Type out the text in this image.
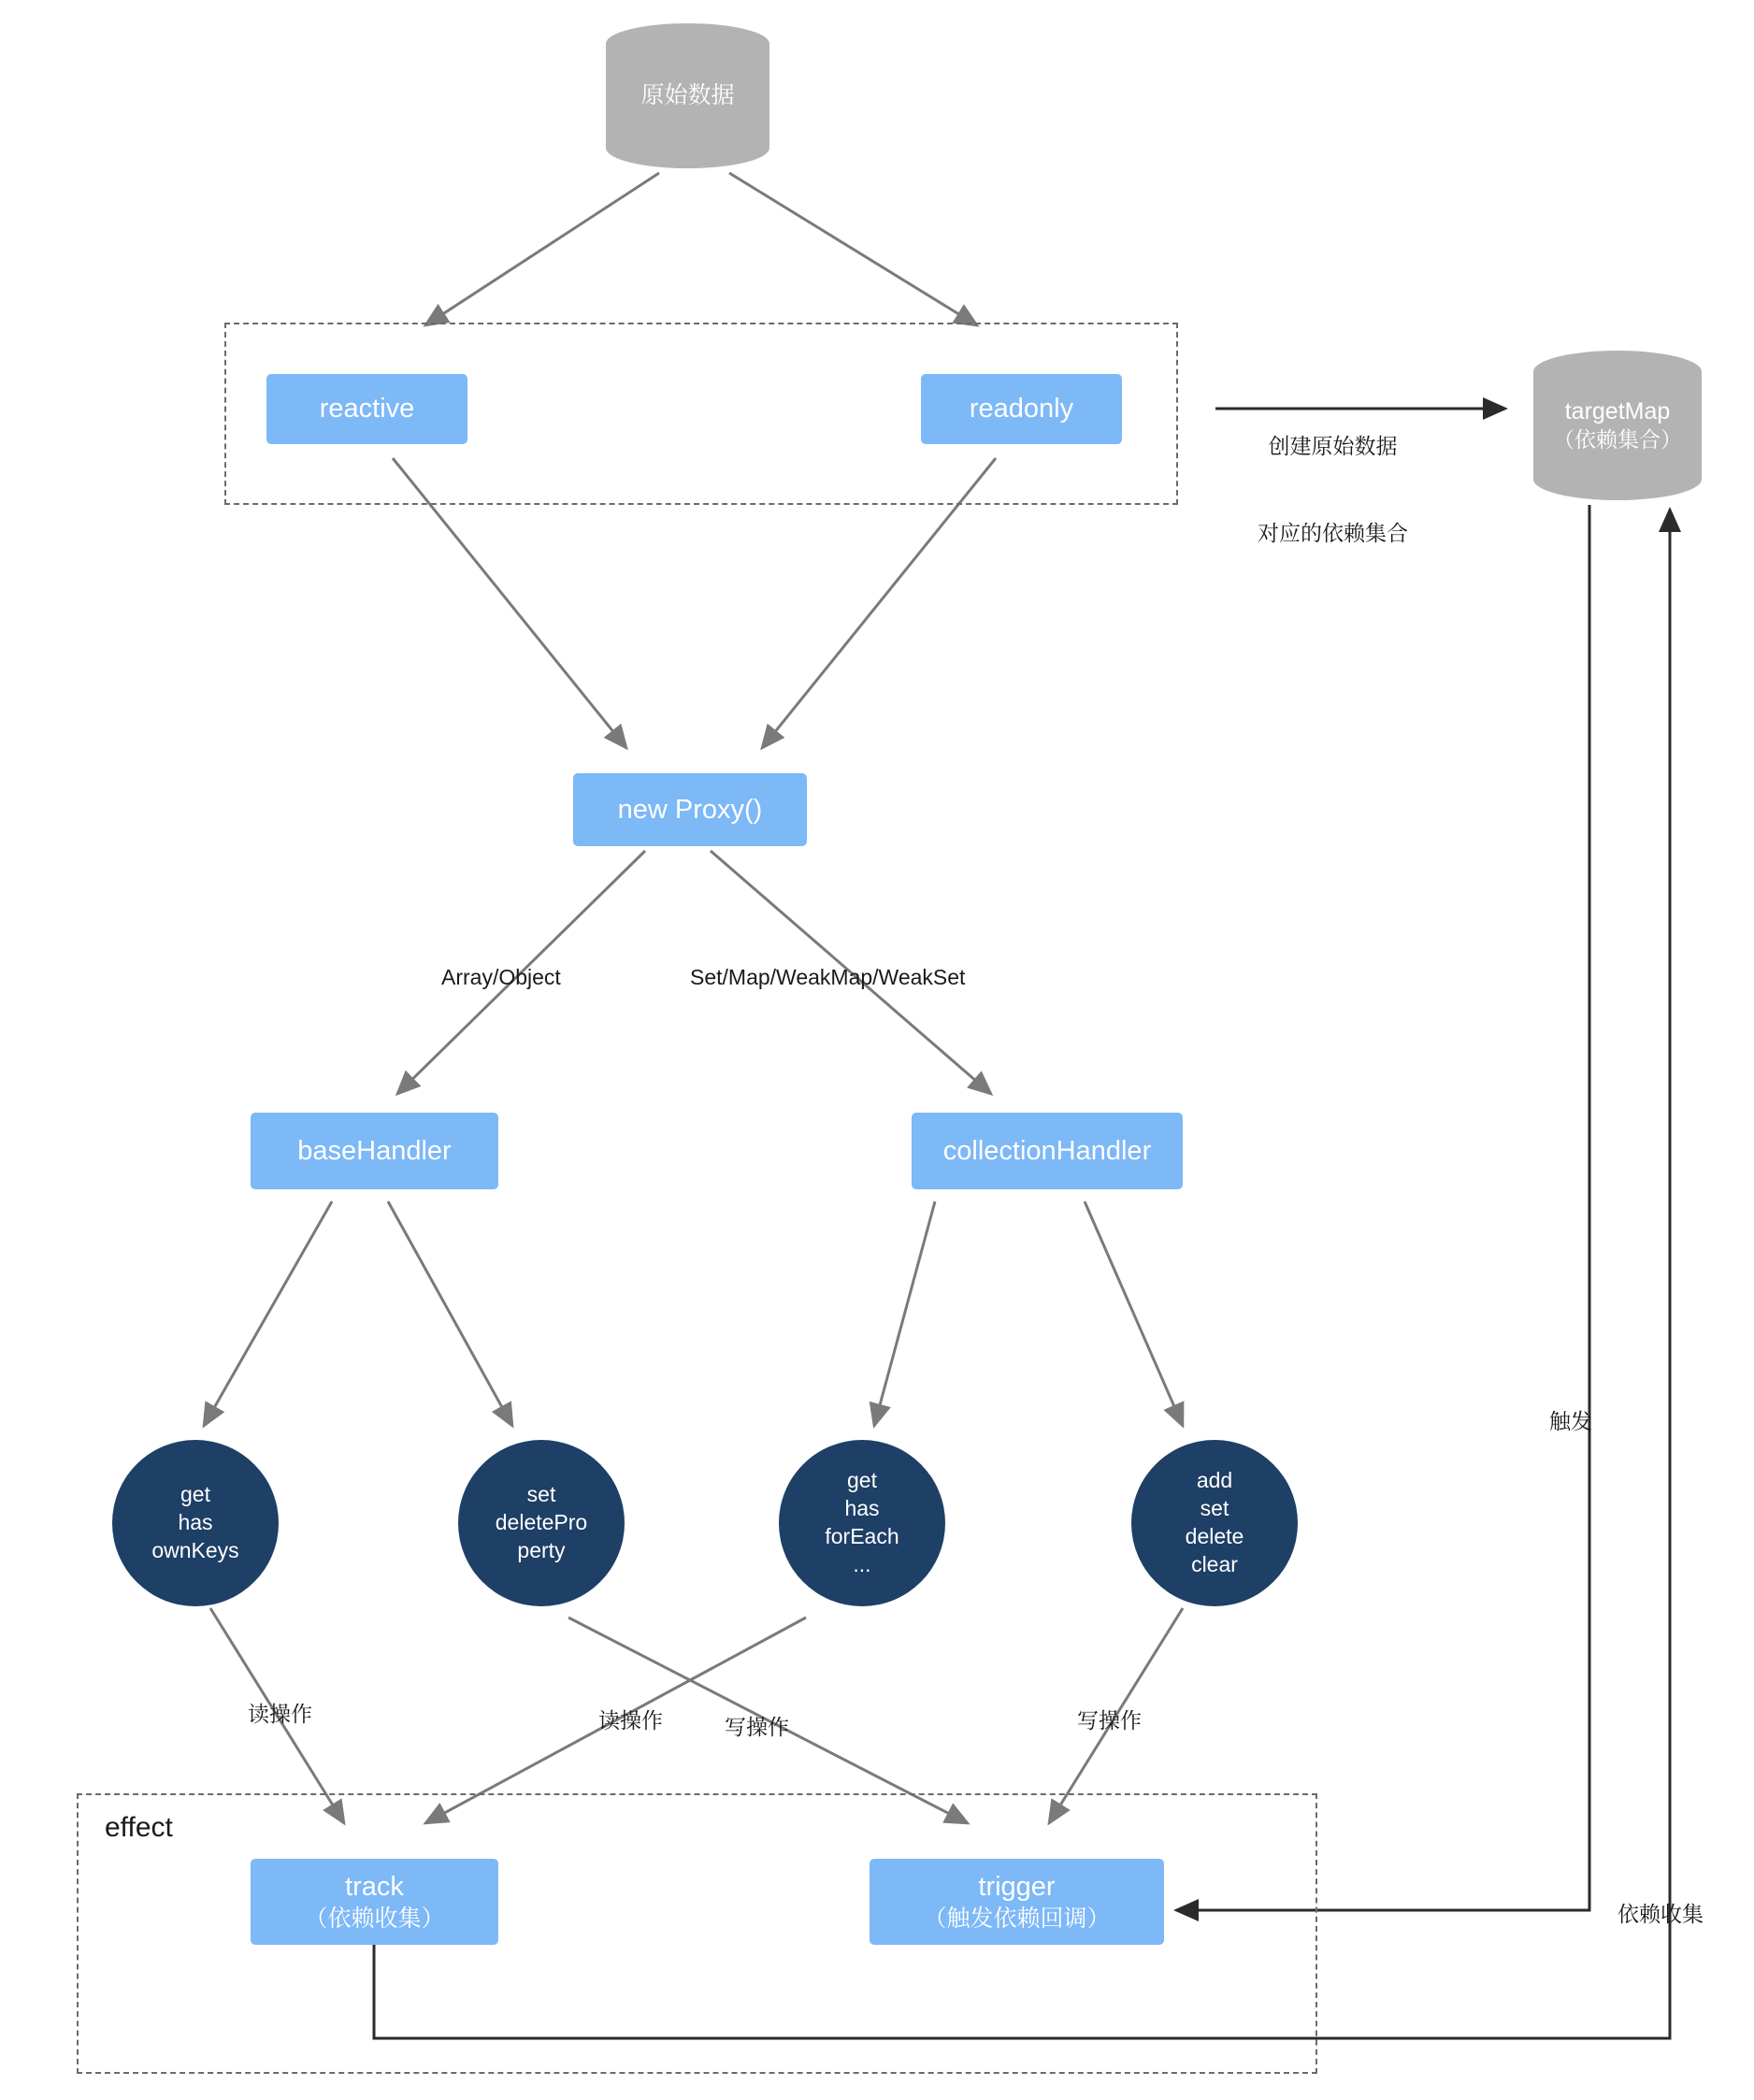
effect
原始数据
targetMap
（依赖集合）
reactive	readonly
new Proxy()
baseHandler	collectionHandler
get
has
ownKeys
set
deletePro
perty
get
has
forEach
...
add
set
delete
clear
track
（依赖收集）
trigger
（触发依赖回调）

创建原始数据

对应的依赖集合

Array/Object	Set/Map/WeakMap/WeakSet
读操作	读操作	写操作	写操作
触发
依赖收集
